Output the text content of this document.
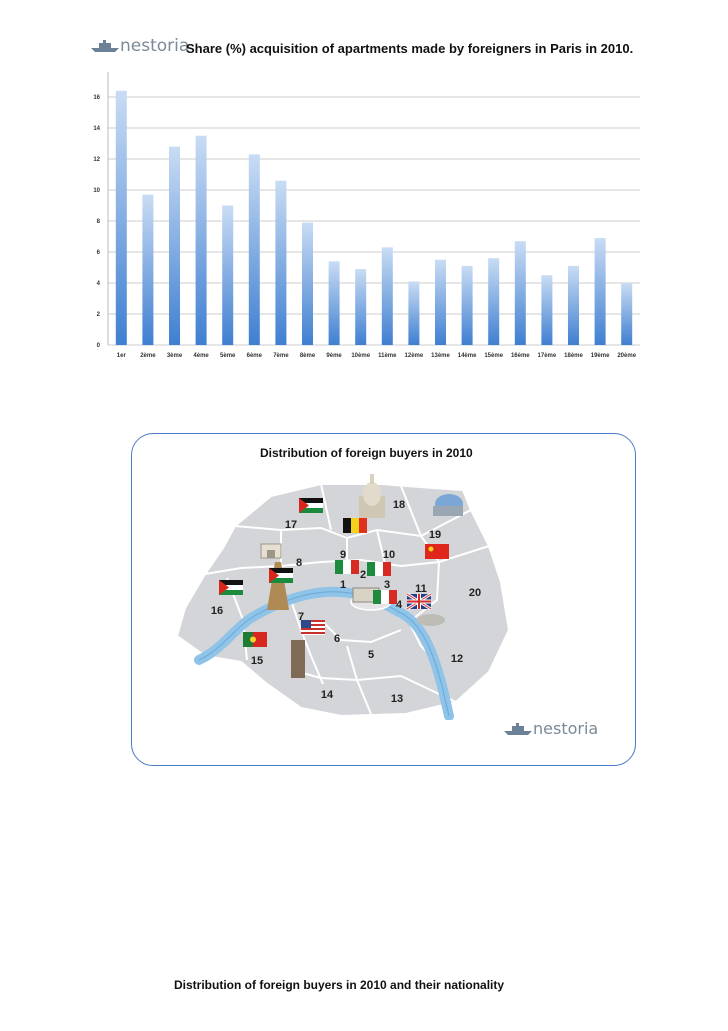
nestoria
Share (%) acquisition of apartments made by foreigners in Paris in 2010.
0
2
4
6
8
10
12
14
16
1er 2ème 3ème 4ème 5ème 6ème 7ème 8ème 9ème 10ème 11ème 12ème 13ème 14ème 15ème 16ème 17ème 18ème 19ème 20ème
Distribution of foreign buyers in 2010
1
2
3
4
5
6
7
8
9	10
11
12
13
14
15
16
17
18
19
20
nestoria
Distribution of foreign buyers in 2010 and their nationality
